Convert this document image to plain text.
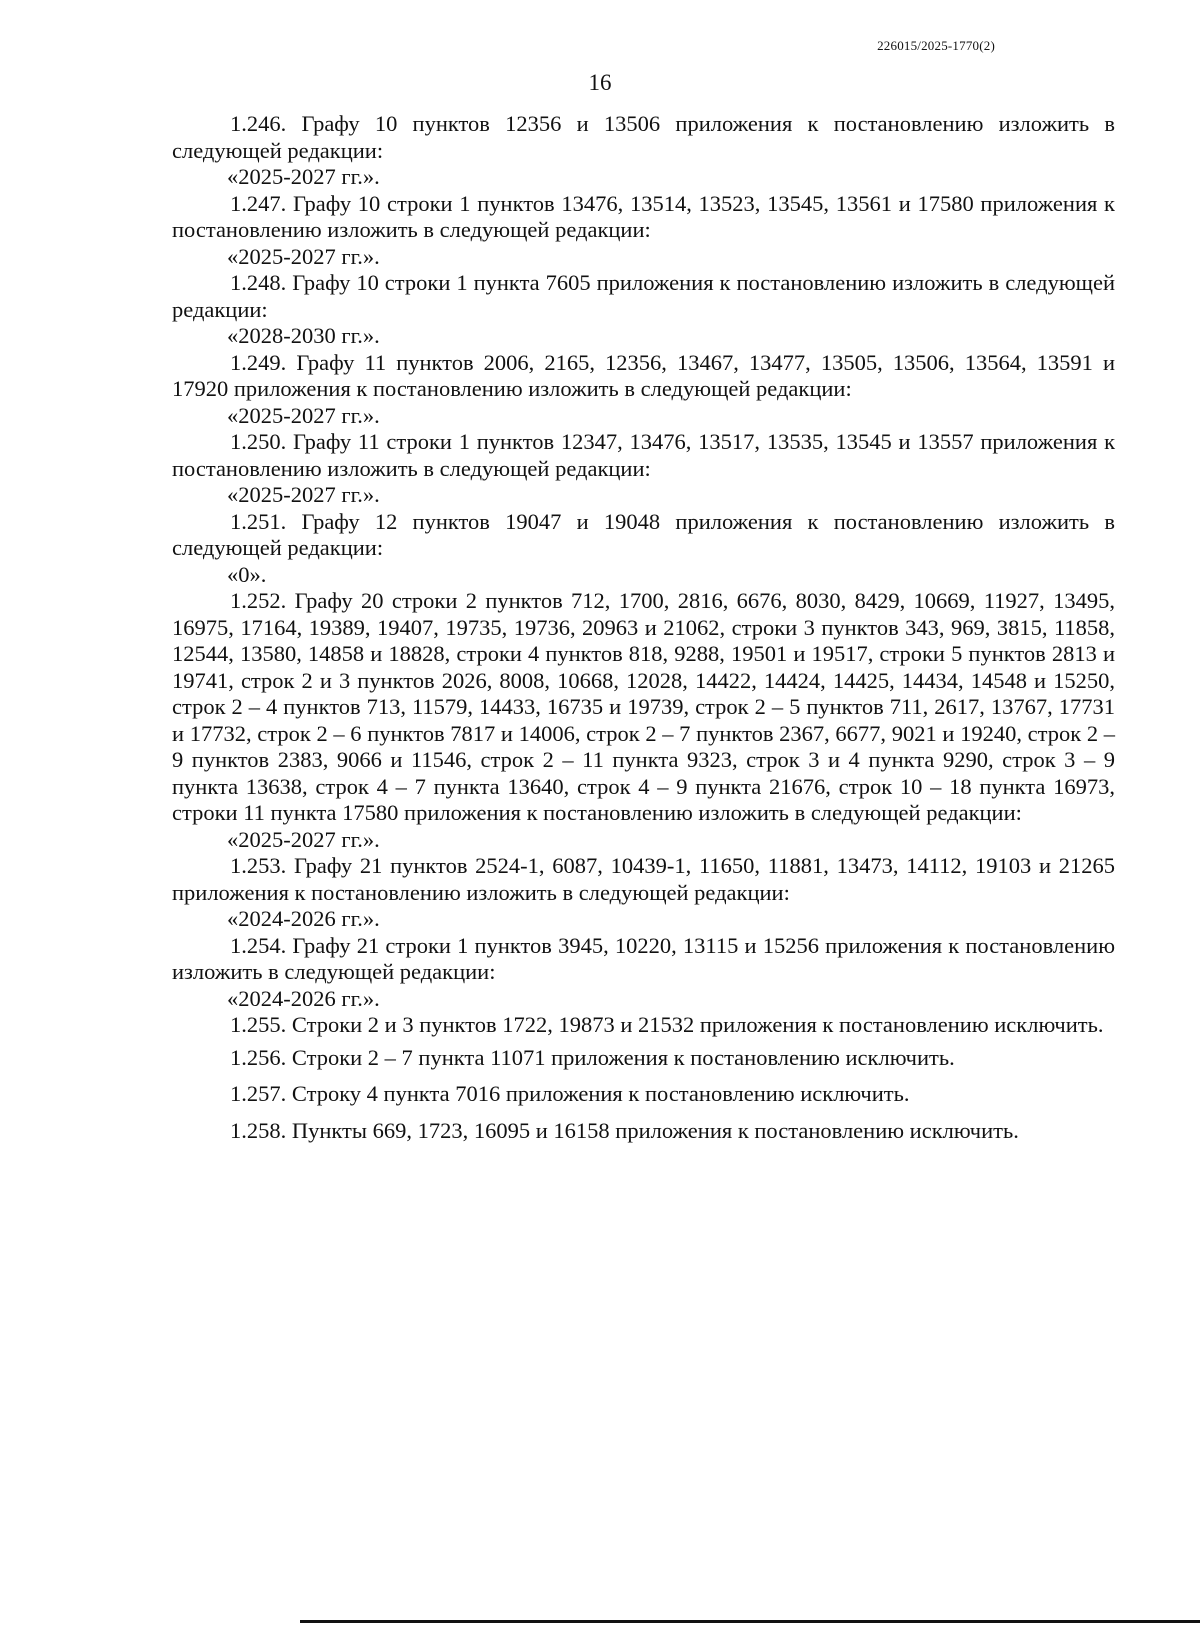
226015/2025-1770(2)
16

1.246. Графу 10 пунктов 12356 и 13506 приложения к постановлению изложить в следующей редакции:

«2025-2027 гг.».

1.247. Графу 10 строки 1 пунктов 13476, 13514, 13523, 13545, 13561 и 17580 приложения к постановлению изложить в следующей редакции:

«2025-2027 гг.».

1.248. Графу 10 строки 1 пункта 7605 приложения к постановлению изложить в следующей редакции:

«2028-2030 гг.».

1.249. Графу 11 пунктов 2006, 2165, 12356, 13467, 13477, 13505, 13506, 13564, 13591 и 17920 приложения к постановлению изложить в следующей редакции:

«2025-2027 гг.».

1.250. Графу 11 строки 1 пунктов 12347, 13476, 13517, 13535, 13545 и 13557 приложения к постановлению изложить в следующей редакции:

«2025-2027 гг.».

1.251. Графу 12 пунктов 19047 и 19048 приложения к постановлению изложить в следующей редакции:

«0».

1.252. Графу 20 строки 2 пунктов 712, 1700, 2816, 6676, 8030, 8429, 10669, 11927, 13495, 16975, 17164, 19389, 19407, 19735, 19736, 20963 и 21062, строки 3 пунктов 343, 969, 3815, 11858, 12544, 13580, 14858 и 18828, строки 4 пунктов 818, 9288, 19501 и 19517, строки 5 пунктов 2813 и 19741, строк 2 и 3 пунктов 2026, 8008, 10668, 12028, 14422, 14424, 14425, 14434, 14548 и 15250, строк 2 – 4 пунктов 713, 11579, 14433, 16735 и 19739, строк 2 – 5 пунктов 711, 2617, 13767, 17731 и 17732, строк 2 – 6 пунктов 7817 и 14006, строк 2 – 7 пунктов 2367, 6677, 9021 и 19240, строк 2 – 9 пунктов 2383, 9066 и 11546, строк 2 – 11 пункта 9323, строк 3 и 4 пункта 9290, строк 3 – 9 пункта 13638, строк 4 – 7 пункта 13640, строк 4 – 9 пункта 21676, строк 10 – 18 пункта 16973, строки 11 пункта 17580 приложения к постановлению изложить в следующей редакции:

«2025-2027 гг.».

1.253. Графу 21 пунктов 2524-1, 6087, 10439-1, 11650, 11881, 13473, 14112, 19103 и 21265 приложения к постановлению изложить в следующей редакции:

«2024-2026 гг.».

1.254. Графу 21 строки 1 пунктов 3945, 10220, 13115 и 15256 приложения к постановлению изложить в следующей редакции:

«2024-2026 гг.».

1.255. Строки 2 и 3 пунктов 1722, 19873 и 21532 приложения к постановлению исключить.

1.256. Строки 2 – 7 пункта 11071 приложения к постановлению исключить.

1.257. Строку 4 пункта 7016 приложения к постановлению исключить.

1.258. Пункты 669, 1723, 16095 и 16158 приложения к постановлению исключить.
